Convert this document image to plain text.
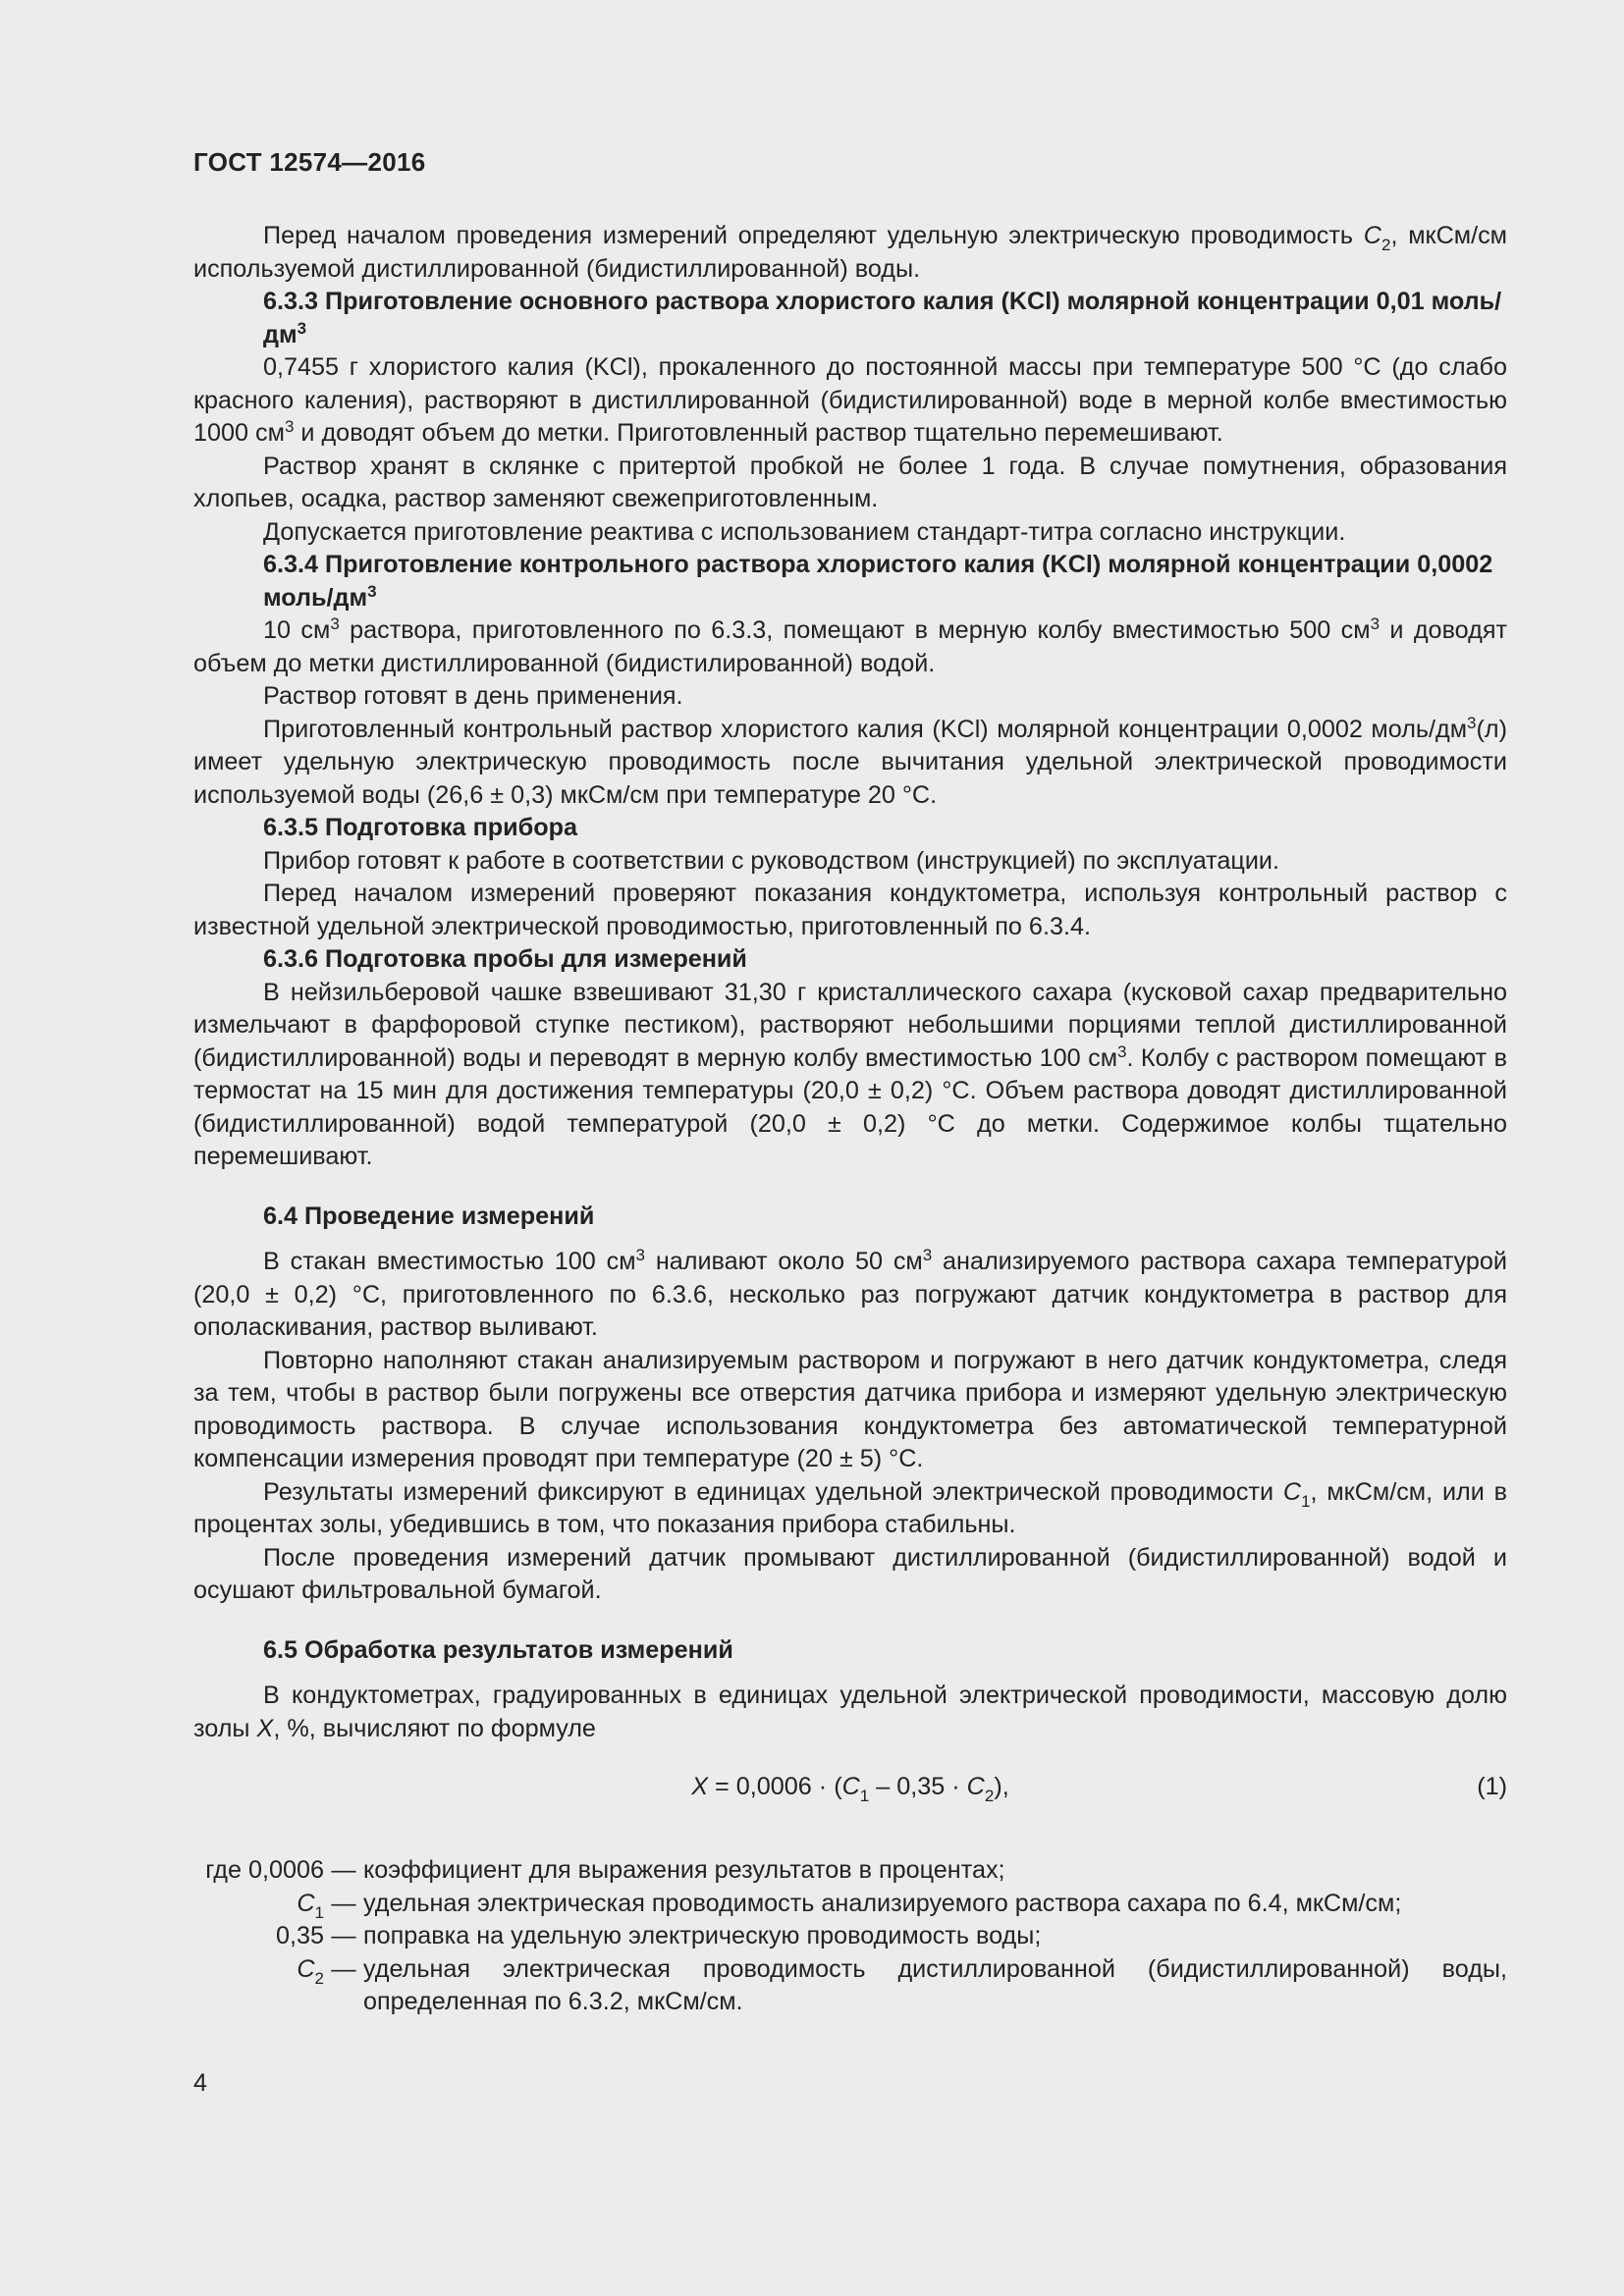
ГОСТ 12574—2016

Перед началом проведения измерений определяют удельную электрическую проводимость $C_2$, мкСм/см используемой дистиллированной (бидистиллированной) воды.

6.3.3 Приготовление основного раствора хлористого калия (KCl) молярной концентрации 0,01 моль/$дм^3$

0,7455 г хлористого калия (KCl), прокаленного до постоянной массы при температуре 500 °С (до слабо красного каления), растворяют в дистиллированной (бидистилированной) воде в мерной колбе вместимостью 1000 $см^3$ и доводят объем до метки. Приготовленный раствор тщательно перемешивают.

Раствор хранят в склянке с притертой пробкой не более 1 года. В случае помутнения, образования хлопьев, осадка, раствор заменяют свежеприготовленным.

Допускается приготовление реактива с использованием стандарт-титра согласно инструкции.

6.3.4 Приготовление контрольного раствора хлористого калия (KCl) молярной концентрации 0,0002 моль/$дм^3$

10 $см^3$ раствора, приготовленного по 6.3.3, помещают в мерную колбу вместимостью 500 $см^3$ и доводят объем до метки дистиллированной (бидистилированной) водой.

Раствор готовят в день применения.

Приготовленный контрольный раствор хлористого калия (KCl) молярной концентрации 0,0002 моль/$дм^3(л)$ имеет удельную электрическую проводимость после вычитания удельной электрической проводимости используемой воды (26,6 ± 0,3) мкСм/см при температуре 20 °С.

6.3.5 Подготовка прибора

Прибор готовят к работе в соответствии с руководством (инструкцией) по эксплуатации.

Перед началом измерений проверяют показания кондуктометра, используя контрольный раствор с известной удельной электрической проводимостью, приготовленный по 6.3.4.

6.3.6 Подготовка пробы для измерений

В нейзильберовой чашке взвешивают 31,30 г кристаллического сахара (кусковой сахар предварительно измельчают в фарфоровой ступке пестиком), растворяют небольшими порциями теплой дистиллированной (бидистиллированной) воды и переводят в мерную колбу вместимостью 100 $см^3$. Колбу с раствором помещают в термостат на 15 мин для достижения температуры (20,0 ± 0,2) °С. Объем раствора доводят дистиллированной (бидистиллированной) водой температурой (20,0 ± 0,2) °С до метки. Содержимое колбы тщательно перемешивают.

6.4 Проведение измерений

В стакан вместимостью 100 $см^3$ наливают около 50 $см^3$ анализируемого раствора сахара температурой (20,0 ± 0,2) °С, приготовленного по 6.3.6, несколько раз погружают датчик кондуктометра в раствор для ополаскивания, раствор выливают.

Повторно наполняют стакан анализируемым раствором и погружают в него датчик кондуктометра, следя за тем, чтобы в раствор были погружены все отверстия датчика прибора и измеряют удельную электрическую проводимость раствора. В случае использования кондуктометра без автоматической температурной компенсации измерения проводят при температуре (20 ± 5) °С.

Результаты измерений фиксируют в единицах удельной электрической проводимости $C_1$, мкСм/см, или в процентах золы, убедившись в том, что показания прибора стабильны.

После проведения измерений датчик промывают дистиллированной (бидистиллированной) водой и осушают фильтровальной бумагой.

6.5 Обработка результатов измерений

В кондуктометрах, градуированных в единицах удельной электрической проводимости, массовую долю золы X, %, вычисляют по формуле

$X = 0,0006 \cdot (C_1 - 0,35 \cdot C_2)$,	(1)
где 0,0006 — коэффициент для выражения результатов в процентах;
$C_1$ — удельная электрическая проводимость анализируемого раствора сахара по 6.4, мкСм/см;
0,35 — поправка на удельную электрическую проводимость воды;
$C_2$ — удельная электрическая проводимость дистиллированной (бидистиллированной) воды, определенная по 6.3.2, мкСм/см.
4
